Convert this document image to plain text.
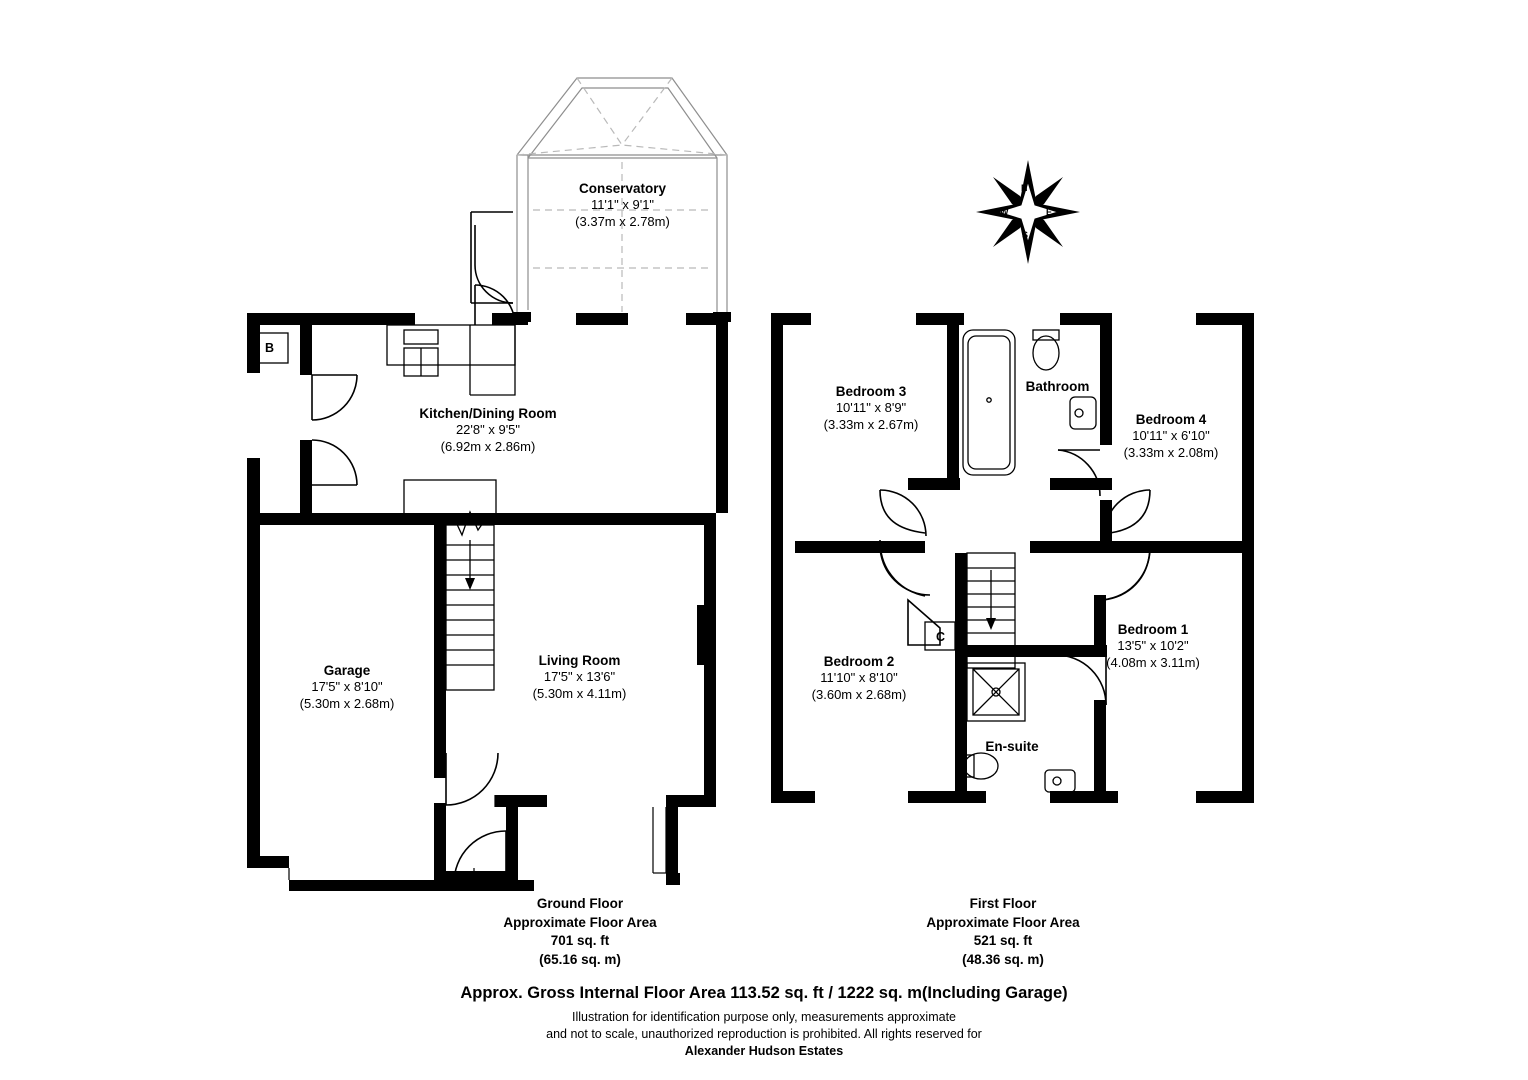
Conservatory
11'1" x 9'1"
(3.37m x 2.78m)
Kitchen/Dining Room
22'8" x 9'5"
(6.92m x 2.86m)
Garage
17'5" x 8'10"
(5.30m x 2.68m)
Living Room
17'5" x 13'6"
(5.30m x 4.11m)
Bedroom 3
10'11" x 8'9"
(3.33m x 2.67m)
Bathroom
Bedroom 4
10'11" x 6'10"
(3.33m x 2.08m)
Bedroom 1
13'5" x 10'2"
(4.08m x 3.11m)
Bedroom 2
11'10" x 8'10"
(3.60m x 2.68m)
En-suite
B
C
N
E
S
W
Ground Floor
Approximate Floor Area
701 sq. ft
(65.16 sq. m)
First Floor
Approximate Floor Area
521 sq. ft
(48.36 sq. m)
Approx. Gross Internal Floor Area 113.52 sq. ft / 1222 sq. m(Including Garage)
Illustration for identification purpose only, measurements approximate
and not to scale, unauthorized reproduction is prohibited. All rights reserved for
Alexander Hudson Estates
